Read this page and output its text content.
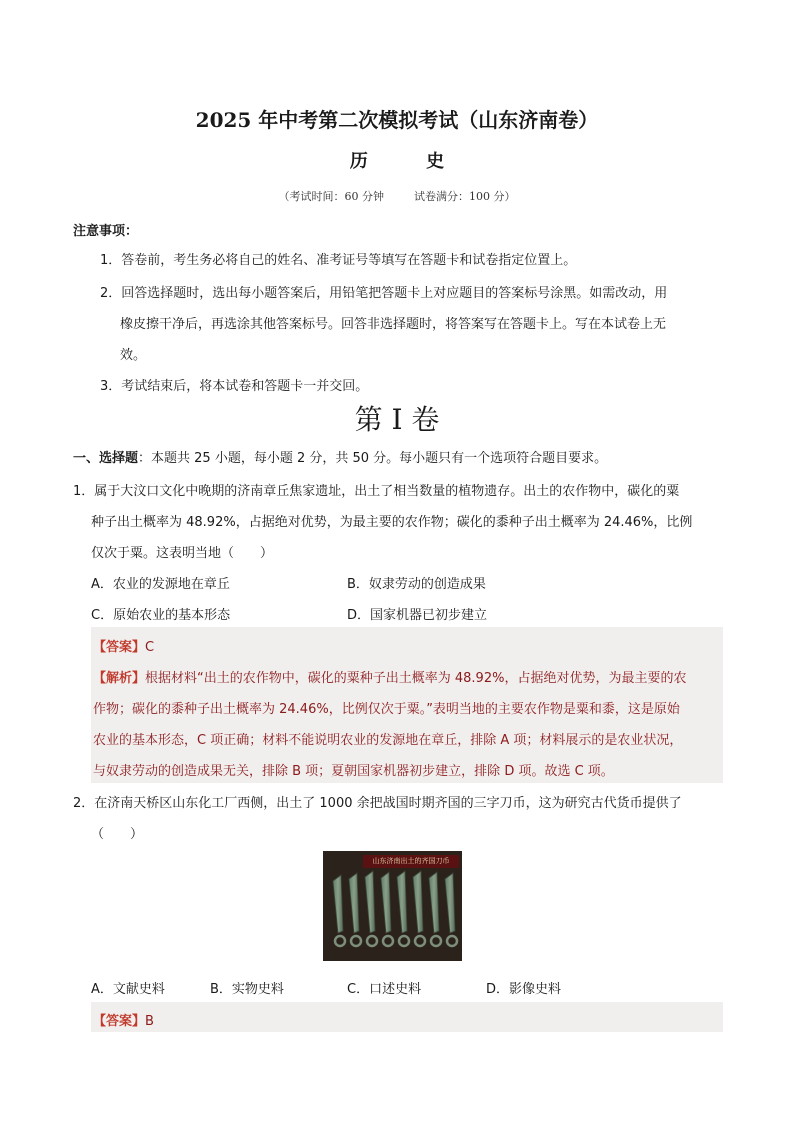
2025 年中考第二次模拟考试（山东济南卷）
历 史
（考试时间：60 分钟	试卷满分：100 分）
注意事项：
1．答卷前，考生务必将自己的姓名、准考证号等填写在答题卡和试卷指定位置上。
2．回答选择题时，选出每小题答案后，用铅笔把答题卡上对应题目的答案标号涂黑。如需改动，用
橡皮擦干净后，再选涂其他答案标号。回答非选择题时，将答案写在答题卡上。写在本试卷上无
效。
3．考试结束后，将本试卷和答题卡一并交回。
第 I 卷
一、选择题：本题共 25 小题，每小题 2 分，共 50 分。每小题只有一个选项符合题目要求。
1．属于大汶口文化中晚期的济南章丘焦家遗址，出土了相当数量的植物遗存。出土的农作物中，碳化的粟
种子出土概率为 48.92%，占据绝对优势，为最主要的农作物；碳化的黍种子出土概率为 24.46%，比例
仅次于粟。这表明当地（　　）
A．农业的发源地在章丘	B．奴隶劳动的创造成果
C．原始农业的基本形态	D．国家机器已初步建立
【答案】C
【解析】根据材料“出土的农作物中，碳化的粟种子出土概率为 48.92%，占据绝对优势，为最主要的农
作物；碳化的黍种子出土概率为 24.46%，比例仅次于粟。”表明当地的主要农作物是粟和黍，这是原始
农业的基本形态，C 项正确；材料不能说明农业的发源地在章丘，排除 A 项；材料展示的是农业状况，
与奴隶劳动的创造成果无关，排除 B 项；夏朝国家机器初步建立，排除 D 项。故选 C 项。
2．在济南天桥区山东化工厂西侧，出土了 1000 余把战国时期齐国的三字刀币，这为研究古代货币提供了
（　　）
山东济南出土的齐国刀币
A．文献史料	B．实物史料	C．口述史料	D．影像史料
【答案】B
